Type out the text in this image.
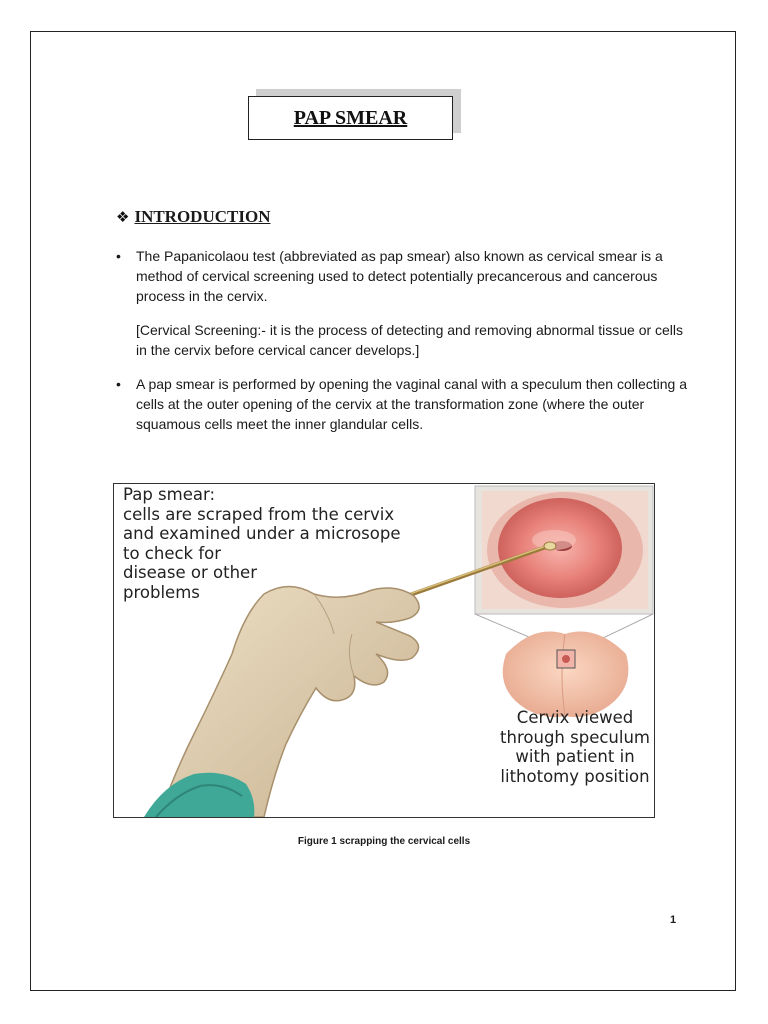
PAP SMEAR
❖ INTRODUCTION
• The Papanicolaou test (abbreviated as pap smear) also known as cervical smear is a method of cervical screening used to detect potentially precancerous and cancerous process in the cervix.
[Cervical Screening:- it is the process of detecting and removing abnormal tissue or cells in the cervix before cervical cancer develops.]
• A pap smear is performed by opening the vaginal canal with a speculum then collecting a cells at the outer opening of the cervix at the transformation zone (where the outer squamous cells meet the inner glandular cells.
Pap smear:
cells are scraped from the cervix
and examined under a microsope
to check for
disease or other
problems
Cervix viewed
through speculum
with patient in
lithotomy position
Figure 1 scrapping the cervical cells
1
